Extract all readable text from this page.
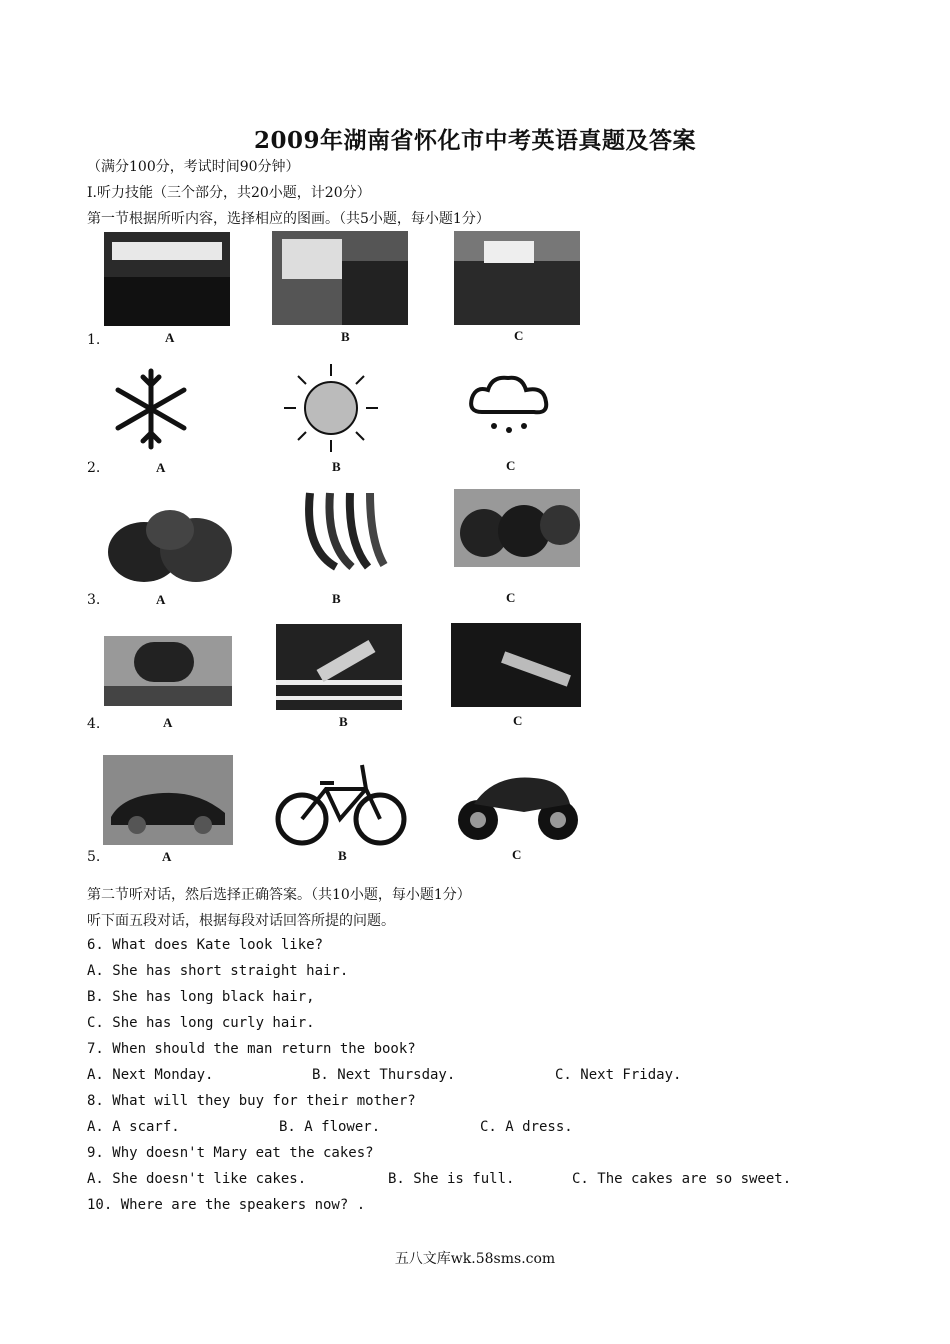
2009年湖南省怀化市中考英语真题及答案
（满分100分，考试时间90分钟）
I.听力技能（三个部分，共20小题，计20分）
第一节根据所听内容，选择相应的图画。（共5小题，每小题1分）
1.	A	B	C
2.	A	B	C
3.	A	B	C
4.	A	B	C
5.	A	B	C
第二节听对话，然后选择正确答案。（共10小题，每小题1分）
听下面五段对话，根据每段对话回答所提的问题。
6. What does Kate look like?
A. She has short straight hair.
B. She has long black hair,
C. She has long curly hair.
7. When should the man return the book?
A. Next Monday.	B. Next Thursday.	C. Next Friday.
8. What will they buy for their mother?
A. A scarf.	B. A flower.	C. A dress.
9. Why doesn't Mary eat the cakes?
A. She doesn't like cakes.	B. She is full.	C. The cakes are so sweet.
10. Where are the speakers now? .
五八文库wk.58sms.com
